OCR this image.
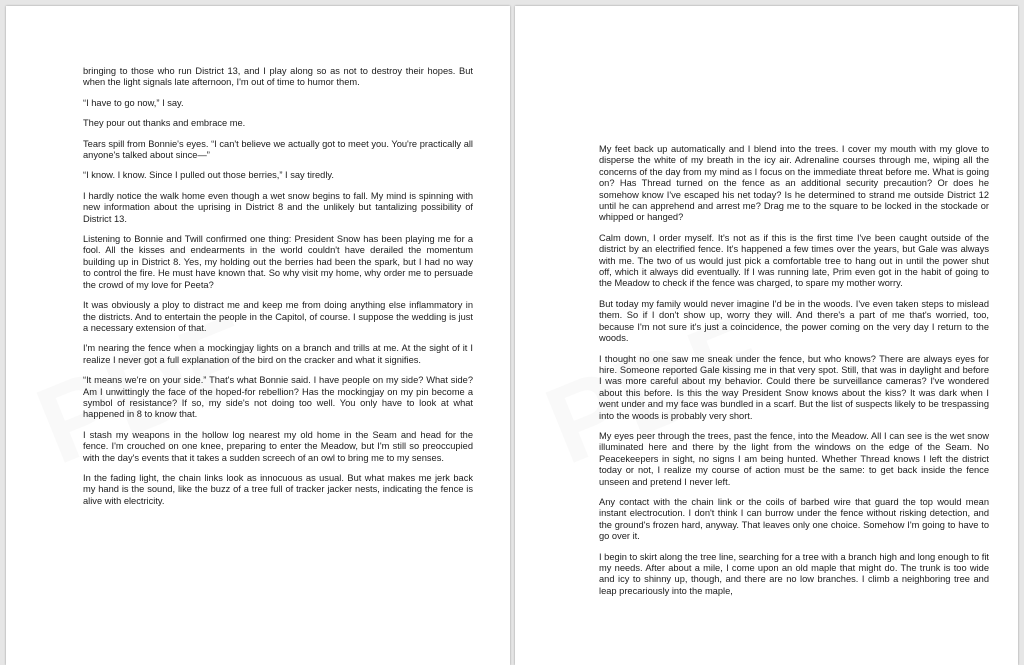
bringing to those who run District 13, and I play along so as not to destroy their hopes. But when the light signals late afternoon, I'm out of time to humor them.

“I have to go now,” I say.

They pour out thanks and embrace me.

Tears spill from Bonnie's eyes. “I can't believe we actually got to meet you. You're practically all anyone's talked about since—”

“I know. I know. Since I pulled out those berries,” I say tiredly.

I hardly notice the walk home even though a wet snow begins to fall. My mind is spinning with new information about the uprising in District 8 and the unlikely but tantalizing possibility of District 13.

Listening to Bonnie and Twill confirmed one thing: President Snow has been playing me for a fool. All the kisses and endearments in the world couldn't have derailed the momentum building up in District 8. Yes, my holding out the berries had been the spark, but I had no way to control the fire. He must have known that. So why visit my home, why order me to persuade the crowd of my love for Peeta?

It was obviously a ploy to distract me and keep me from doing anything else inflammatory in the districts. And to entertain the people in the Capitol, of course. I suppose the wedding is just a necessary extension of that.

I'm nearing the fence when a mockingjay lights on a branch and trills at me. At the sight of it I realize I never got a full explanation of the bird on the cracker and what it signifies.

“It means we're on your side.” That's what Bonnie said. I have people on my side? What side? Am I unwittingly the face of the hoped-for rebellion? Has the mockingjay on my pin become a symbol of resistance? If so, my side's not doing too well. You only have to look at what happened in 8 to know that.

I stash my weapons in the hollow log nearest my old home in the Seam and head for the fence. I'm crouched on one knee, preparing to enter the Meadow, but I'm still so preoccupied with the day's events that it takes a sudden screech of an owl to bring me to my senses.

In the fading light, the chain links look as innocuous as usual. But what makes me jerk back my hand is the sound, like the buzz of a tree full of tracker jacker nests, indicating the fence is alive with electricity.

My feet back up automatically and I blend into the trees. I cover my mouth with my glove to disperse the white of my breath in the icy air. Adrenaline courses through me, wiping all the concerns of the day from my mind as I focus on the immediate threat before me. What is going on? Has Thread turned on the fence as an additional security precaution? Or does he somehow know I've escaped his net today? Is he determined to strand me outside District 12 until he can apprehend and arrest me? Drag me to the square to be locked in the stockade or whipped or hanged?

Calm down, I order myself. It's not as if this is the first time I've been caught outside of the district by an electrified fence. It's happened a few times over the years, but Gale was always with me. The two of us would just pick a comfortable tree to hang out in until the power shut off, which it always did eventually. If I was running late, Prim even got in the habit of going to the Meadow to check if the fence was charged, to spare my mother worry.

But today my family would never imagine I'd be in the woods. I've even taken steps to mislead them. So if I don't show up, worry they will. And there's a part of me that's worried, too, because I'm not sure it's just a coincidence, the power coming on the very day I return to the woods.

I thought no one saw me sneak under the fence, but who knows? There are always eyes for hire. Someone reported Gale kissing me in that very spot. Still, that was in daylight and before I was more careful about my behavior. Could there be surveillance cameras? I've wondered about this before. Is this the way President Snow knows about the kiss? It was dark when I went under and my face was bundled in a scarf. But the list of suspects likely to be trespassing into the woods is probably very short.

My eyes peer through the trees, past the fence, into the Meadow. All I can see is the wet snow illuminated here and there by the light from the windows on the edge of the Seam. No Peacekeepers in sight, no signs I am being hunted. Whether Thread knows I left the district today or not, I realize my course of action must be the same: to get back inside the fence unseen and pretend I never left.

Any contact with the chain link or the coils of barbed wire that guard the top would mean instant electrocution. I don't think I can burrow under the fence without risking detection, and the ground's frozen hard, anyway. That leaves only one choice. Somehow I'm going to have to go over it.

I begin to skirt along the tree line, searching for a tree with a branch high and long enough to fit my needs. After about a mile, I come upon an old maple that might do. The trunk is too wide and icy to shinny up, though, and there are no low branches. I climb a neighboring tree and leap precariously into the maple,
